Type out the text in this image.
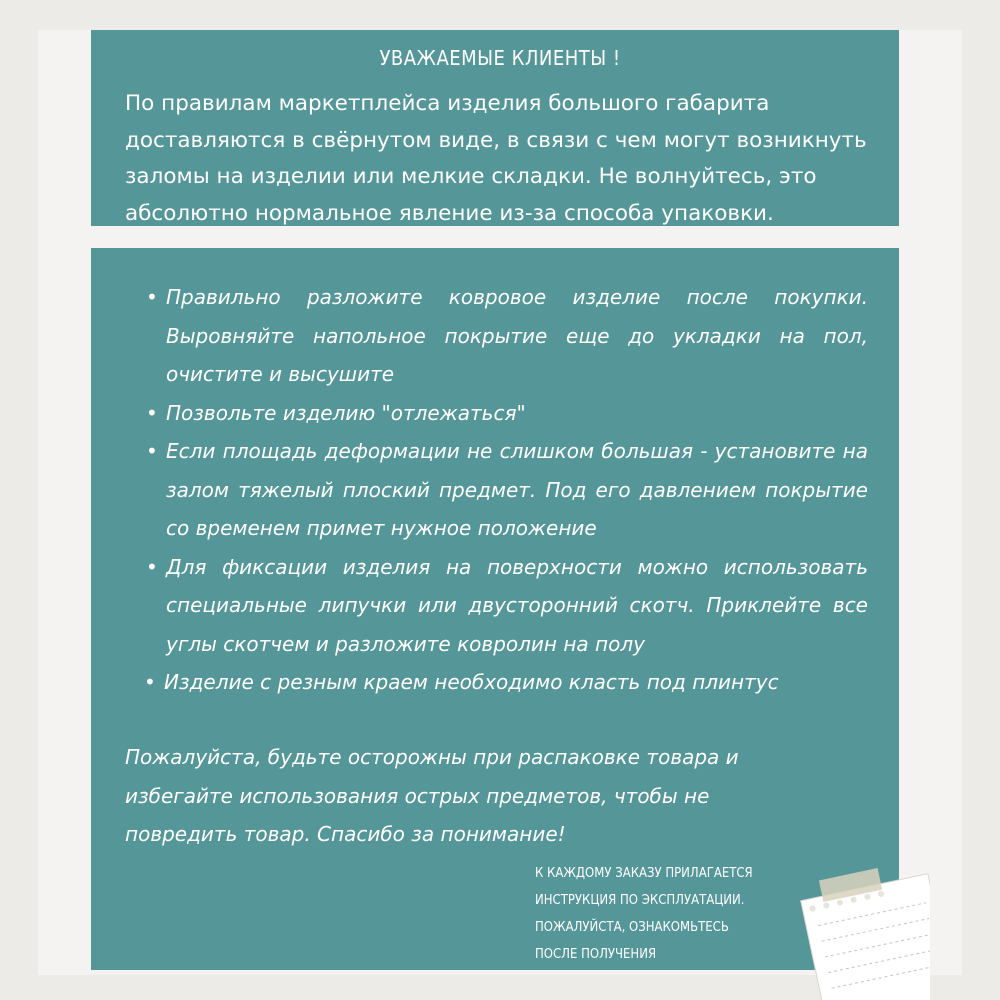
УВАЖАЕМЫЕ КЛИЕНТЫ !

По правилам маркетплейса изделия большого габарита доставляются в свёрнутом виде, в связи с чем могут возникнуть заломы на изделии или мелкие складки. Не волнуйтесь, это абсолютно нормальное явление из-за способа упаковки.

• Правильно разложите ковровое изделие после покупки. Выровняйте напольное покрытие еще до укладки на пол, очистите и высушите
• Позвольте изделию "отлежаться"
• Если площадь деформации не слишком большая - установите на залом тяжелый плоский предмет. Под его давлением покрытие со временем примет нужное положение
• Для фиксации изделия на поверхности можно использовать специальные липучки или двусторонний скотч. Приклейте все углы скотчем и разложите ковролин на полу
• Изделие с резным краем необходимо класть под плинтус

Пожалуйста, будьте осторожны при распаковке товара и избегайте использования острых предметов, чтобы не повредить товар. Спасибо за понимание!

К КАЖДОМУ ЗАКАЗУ ПРИЛАГАЕТСЯ
ИНСТРУКЦИЯ ПО ЭКСПЛУАТАЦИИ.
ПОЖАЛУЙСТА, ОЗНАКОМЬТЕСЬ
ПОСЛЕ ПОЛУЧЕНИЯ
